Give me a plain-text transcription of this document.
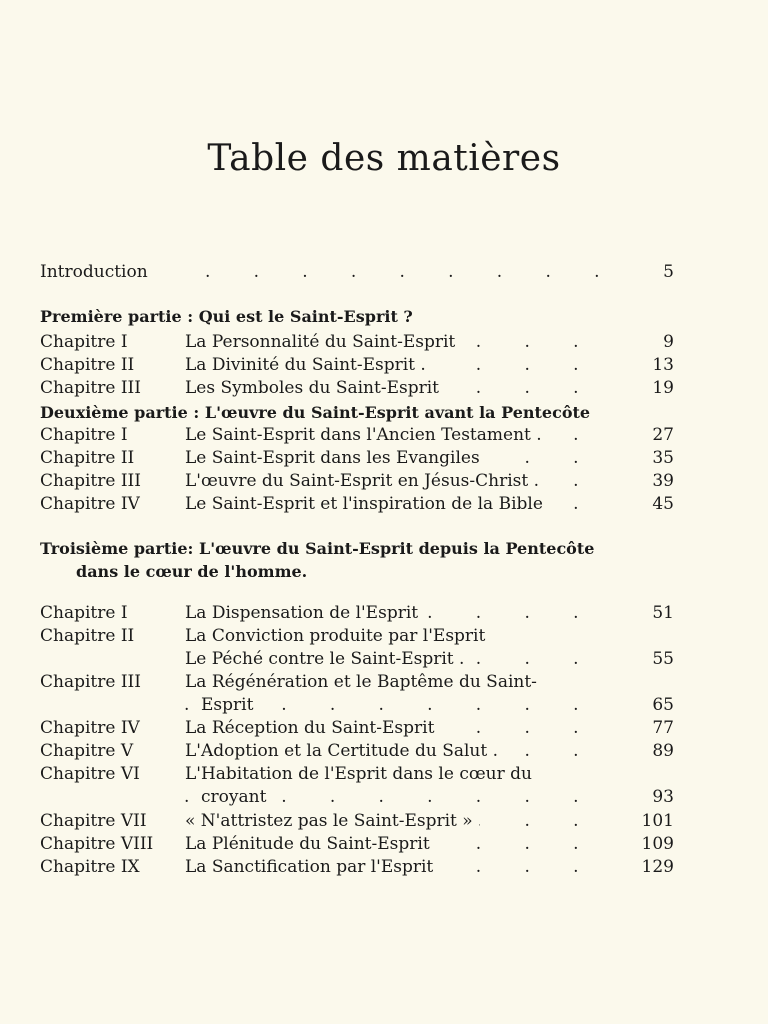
Table des matières
Introduction .	5
Première partie : Qui est le Saint-Esprit ?
Chapitre I	La Personnalité du Saint-Esprit .	9
Chapitre II	La Divinité du Saint-Esprit . .	13
Chapitre III	Les Symboles du Saint-Esprit .	19
Deuxième partie : L'œuvre du Saint-Esprit avant la Pentecôte
Chapitre I	Le Saint-Esprit dans l'Ancien Testament . .	27
Chapitre II	Le Saint-Esprit dans les Evangiles .	35
Chapitre III	L'œuvre du Saint-Esprit en Jésus-Christ . .	39
Chapitre IV	Le Saint-Esprit et l'inspiration de la Bible .	45
Troisième partie: L'œuvre du Saint-Esprit depuis la Pentecôte
dans le cœur de l'homme.
Chapitre I	La Dispensation de l'Esprit .	51
Chapitre II	La Conviction produite par l'Esprit
Le Péché contre le Saint-Esprit . .	55
Chapitre III	La Régénération et le Baptême du Saint-
Esprit .	65
Chapitre IV	La Réception du Saint-Esprit .	77
Chapitre V	L'Adoption et la Certitude du Salut . .	89
Chapitre VI	L'Habitation de l'Esprit dans le cœur du
croyant .	93
Chapitre VII « N'attristez pas le Saint-Esprit » .	101
Chapitre VIII La Plénitude du Saint-Esprit .	109
Chapitre IX	La Sanctification par l'Esprit .	129
